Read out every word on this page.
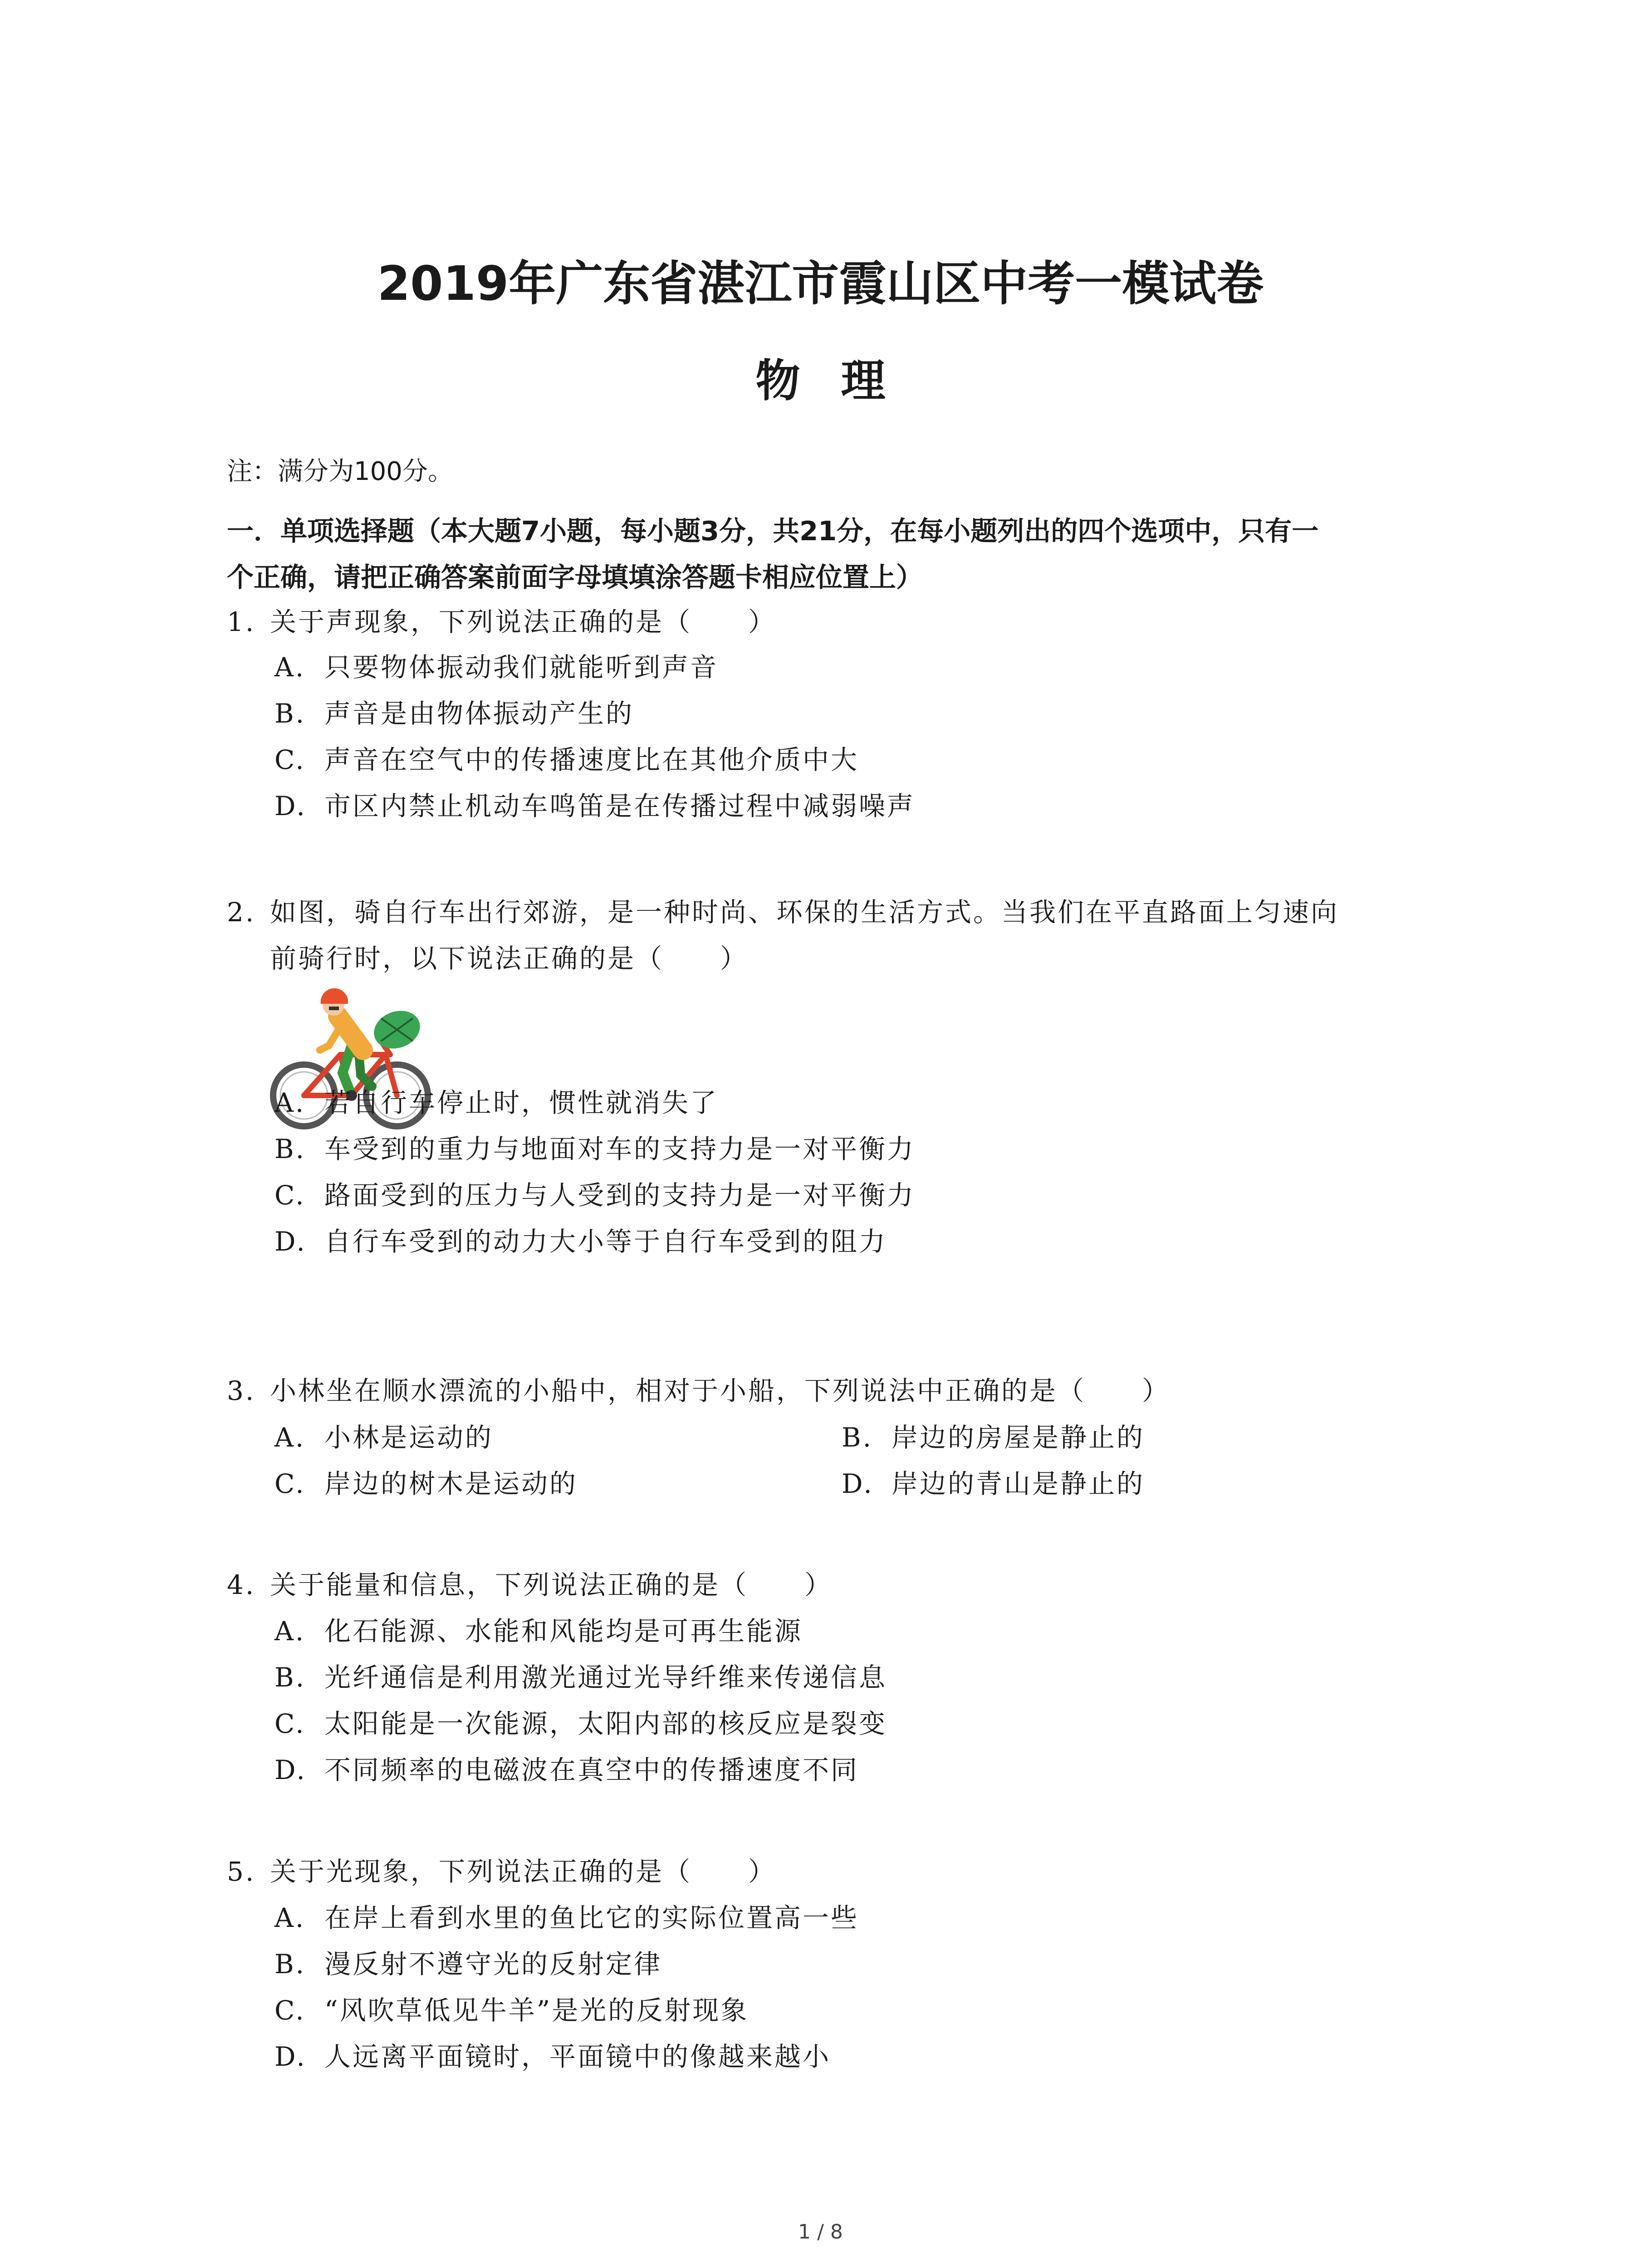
2019年广东省湛江市霞山区中考一模试卷
物理
注：满分为100分。
一．单项选择题（本大题7小题，每小题3分，共21分，在每小题列出的四个选项中，只有一
个正确，请把正确答案前面字母填填涂答题卡相应位置上）
1. 关于声现象，下列说法正确的是（　　）
A. 只要物体振动我们就能听到声音
B. 声音是由物体振动产生的
C. 声音在空气中的传播速度比在其他介质中大
D. 市区内禁止机动车鸣笛是在传播过程中减弱噪声
2. 如图，骑自行车出行郊游，是一种时尚、环保的生活方式。当我们在平直路面上匀速向
前骑行时，以下说法正确的是（　　）
A. 若自行车停止时，惯性就消失了
B. 车受到的重力与地面对车的支持力是一对平衡力
C. 路面受到的压力与人受到的支持力是一对平衡力
D. 自行车受到的动力大小等于自行车受到的阻力
3. 小林坐在顺水漂流的小船中，相对于小船，下列说法中正确的是（　　）
A. 小林是运动的	B. 岸边的房屋是静止的
C. 岸边的树木是运动的	D. 岸边的青山是静止的
4. 关于能量和信息，下列说法正确的是（　　）
A. 化石能源、水能和风能均是可再生能源
B. 光纤通信是利用激光通过光导纤维来传递信息
C. 太阳能是一次能源，太阳内部的核反应是裂变
D. 不同频率的电磁波在真空中的传播速度不同
5. 关于光现象，下列说法正确的是（　　）
A. 在岸上看到水里的鱼比它的实际位置高一些
B. 漫反射不遵守光的反射定律
C. “风吹草低见牛羊”是光的反射现象
D. 人远离平面镜时，平面镜中的像越来越小
1 / 8
